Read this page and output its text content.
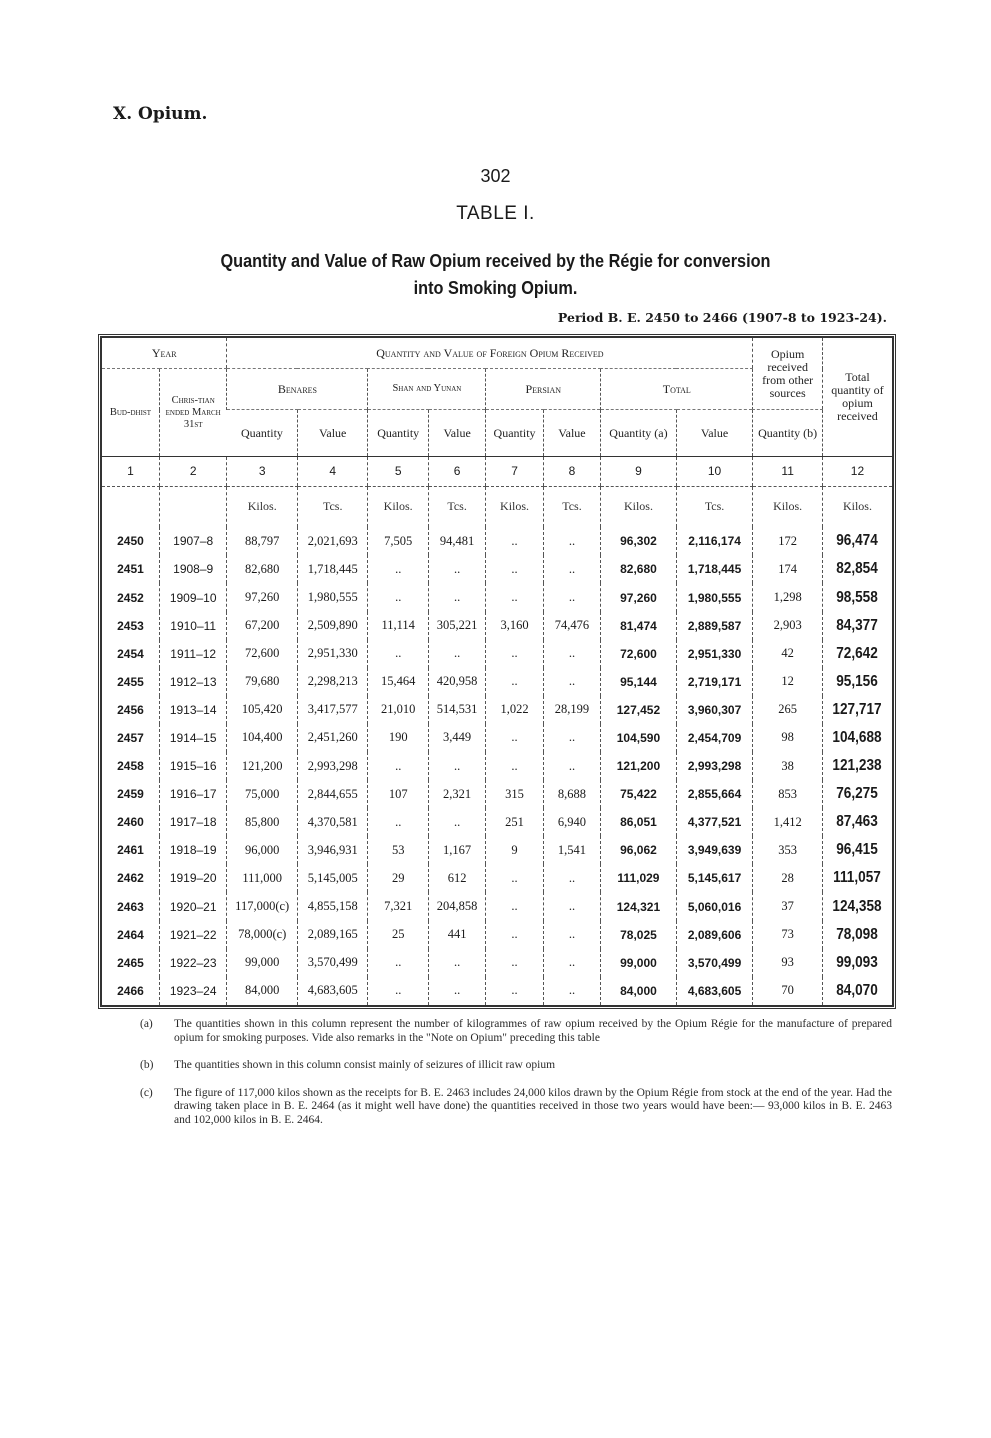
X. Opium.
302
TABLE I.
Quantity and Value of Raw Opium received by the Régie for conversion
into Smoking Opium.
Period B. E. 2450 to 2466 (1907-8 to 1923-24).
Year		Quantity and Value of Foreign Opium Received								Opium received from other sources	Total quantity of opium received
Bud-dhist	Chris-tian ended March 31st	Benares		Shan and Yunan		Persian		Total			
		Quantity	Value	Quantity	Value	Quantity	Value	Quantity (a)	Value	Quantity (b)	
1	2	3	4	5	6	7	8	9	10	11	12
		Kilos.	Tcs.	Kilos.	Tcs.	Kilos.	Tcs.	Kilos.	Tcs.	Kilos.	Kilos.
2450	1907–8	88,797	2,021,693	7,505	94,481	..	..	96,302	2,116,174	172	96,474
2451	1908–9	82,680	1,718,445	..	..	..	..	82,680	1,718,445	174	82,854
2452	1909–10	97,260	1,980,555	..	..	..	..	97,260	1,980,555	1,298	98,558
2453	1910–11	67,200	2,509,890	11,114	305,221	3,160	74,476	81,474	2,889,587	2,903	84,377
2454	1911–12	72,600	2,951,330	..	..	..	..	72,600	2,951,330	42	72,642
2455	1912–13	79,680	2,298,213	15,464	420,958	..	..	95,144	2,719,171	12	95,156
2456	1913–14	105,420	3,417,577	21,010	514,531	1,022	28,199	127,452	3,960,307	265	127,717
2457	1914–15	104,400	2,451,260	190	3,449	..	..	104,590	2,454,709	98	104,688
2458	1915–16	121,200	2,993,298	..	..	..	..	121,200	2,993,298	38	121,238
2459	1916–17	75,000	2,844,655	107	2,321	315	8,688	75,422	2,855,664	853	76,275
2460	1917–18	85,800	4,370,581	..	..	251	6,940	86,051	4,377,521	1,412	87,463
2461	1918–19	96,000	3,946,931	53	1,167	9	1,541	96,062	3,949,639	353	96,415
2462	1919–20	111,000	5,145,005	29	612	..	..	111,029	5,145,617	28	111,057
2463	1920–21	117,000(c)	4,855,158	7,321	204,858	..	..	124,321	5,060,016	37	124,358
2464	1921–22	78,000(c)	2,089,165	25	441	..	..	78,025	2,089,606	73	78,098
2465	1922–23	99,000	3,570,499	..	..	..	..	99,000	3,570,499	93	99,093
2466	1923–24	84,000	4,683,605	..	..	..	..	84,000	4,683,605	70	84,070
(a)	The quantities shown in this column represent the number of kilogrammes of raw opium received by the Opium Régie for the manufacture of prepared opium for smoking purposes. Vide also remarks in the "Note on Opium" preceding this table
(b)	The quantities shown in this column consist mainly of seizures of illicit raw opium
(c)	The figure of 117,000 kilos shown as the receipts for B. E. 2463 includes 24,000 kilos drawn by the Opium Régie from stock at the end of the year. Had the drawing taken place in B. E. 2464 (as it might well have done) the quantities received in those two years would have been:— 93,000 kilos in B. E. 2463 and 102,000 kilos in B. E. 2464.
